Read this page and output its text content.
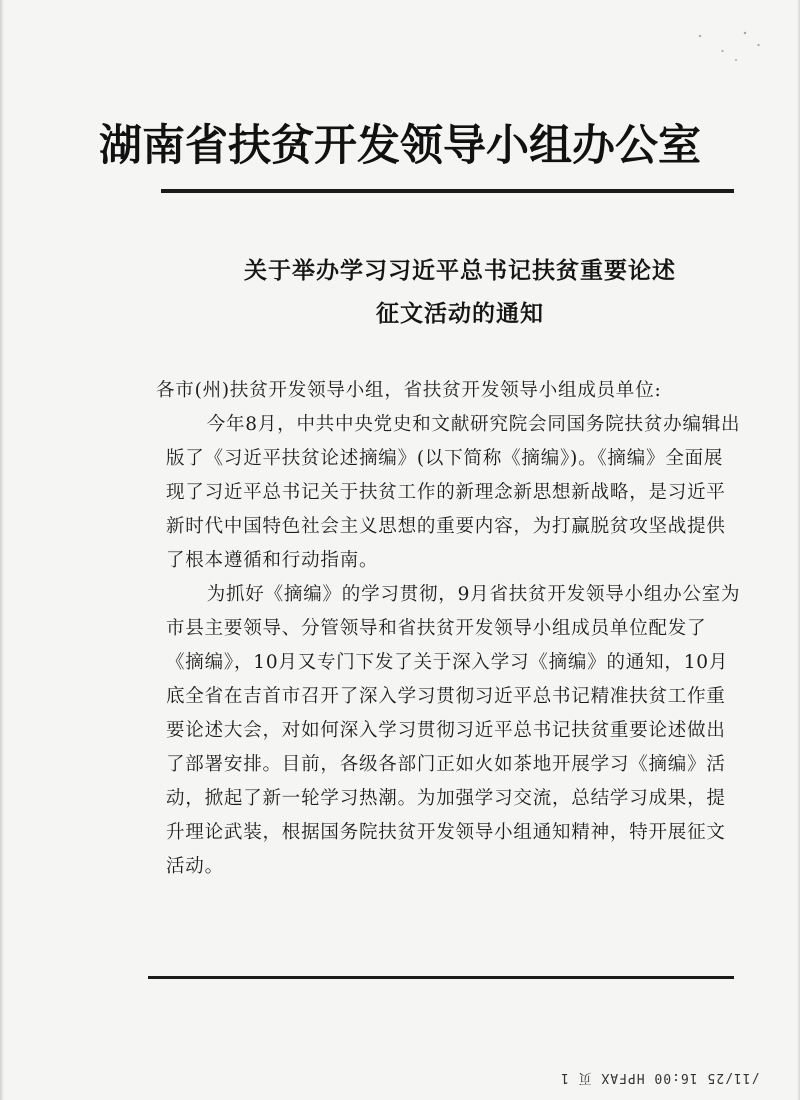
湖南省扶贫开发领导小组办公室
关于举办学习习近平总书记扶贫重要论述
征文活动的通知

各市(州)扶贫开发领导小组，省扶贫开发领导小组成员单位:

今年8月，中共中央党史和文献研究院会同国务院扶贫办编辑出版了《习近平扶贫论述摘编》(以下简称《摘编》)。《摘编》全面展现了习近平总书记关于扶贫工作的新理念新思想新战略，是习近平新时代中国特色社会主义思想的重要内容，为打赢脱贫攻坚战提供了根本遵循和行动指南。

为抓好《摘编》的学习贯彻，9月省扶贫开发领导小组办公室为市县主要领导、分管领导和省扶贫开发领导小组成员单位配发了《摘编》，10月又专门下发了关于深入学习《摘编》的通知，10月底全省在吉首市召开了深入学习贯彻习近平总书记精准扶贫工作重要论述大会，对如何深入学习贯彻习近平总书记扶贫重要论述做出了部署安排。目前，各级各部门正如火如茶地开展学习《摘编》活动，掀起了新一轮学习热潮。为加强学习交流，总结学习成果，提升理论武装，根据国务院扶贫开发领导小组通知精神，特开展征文活动。

/11/25 16:00 HPFAX 页 1
